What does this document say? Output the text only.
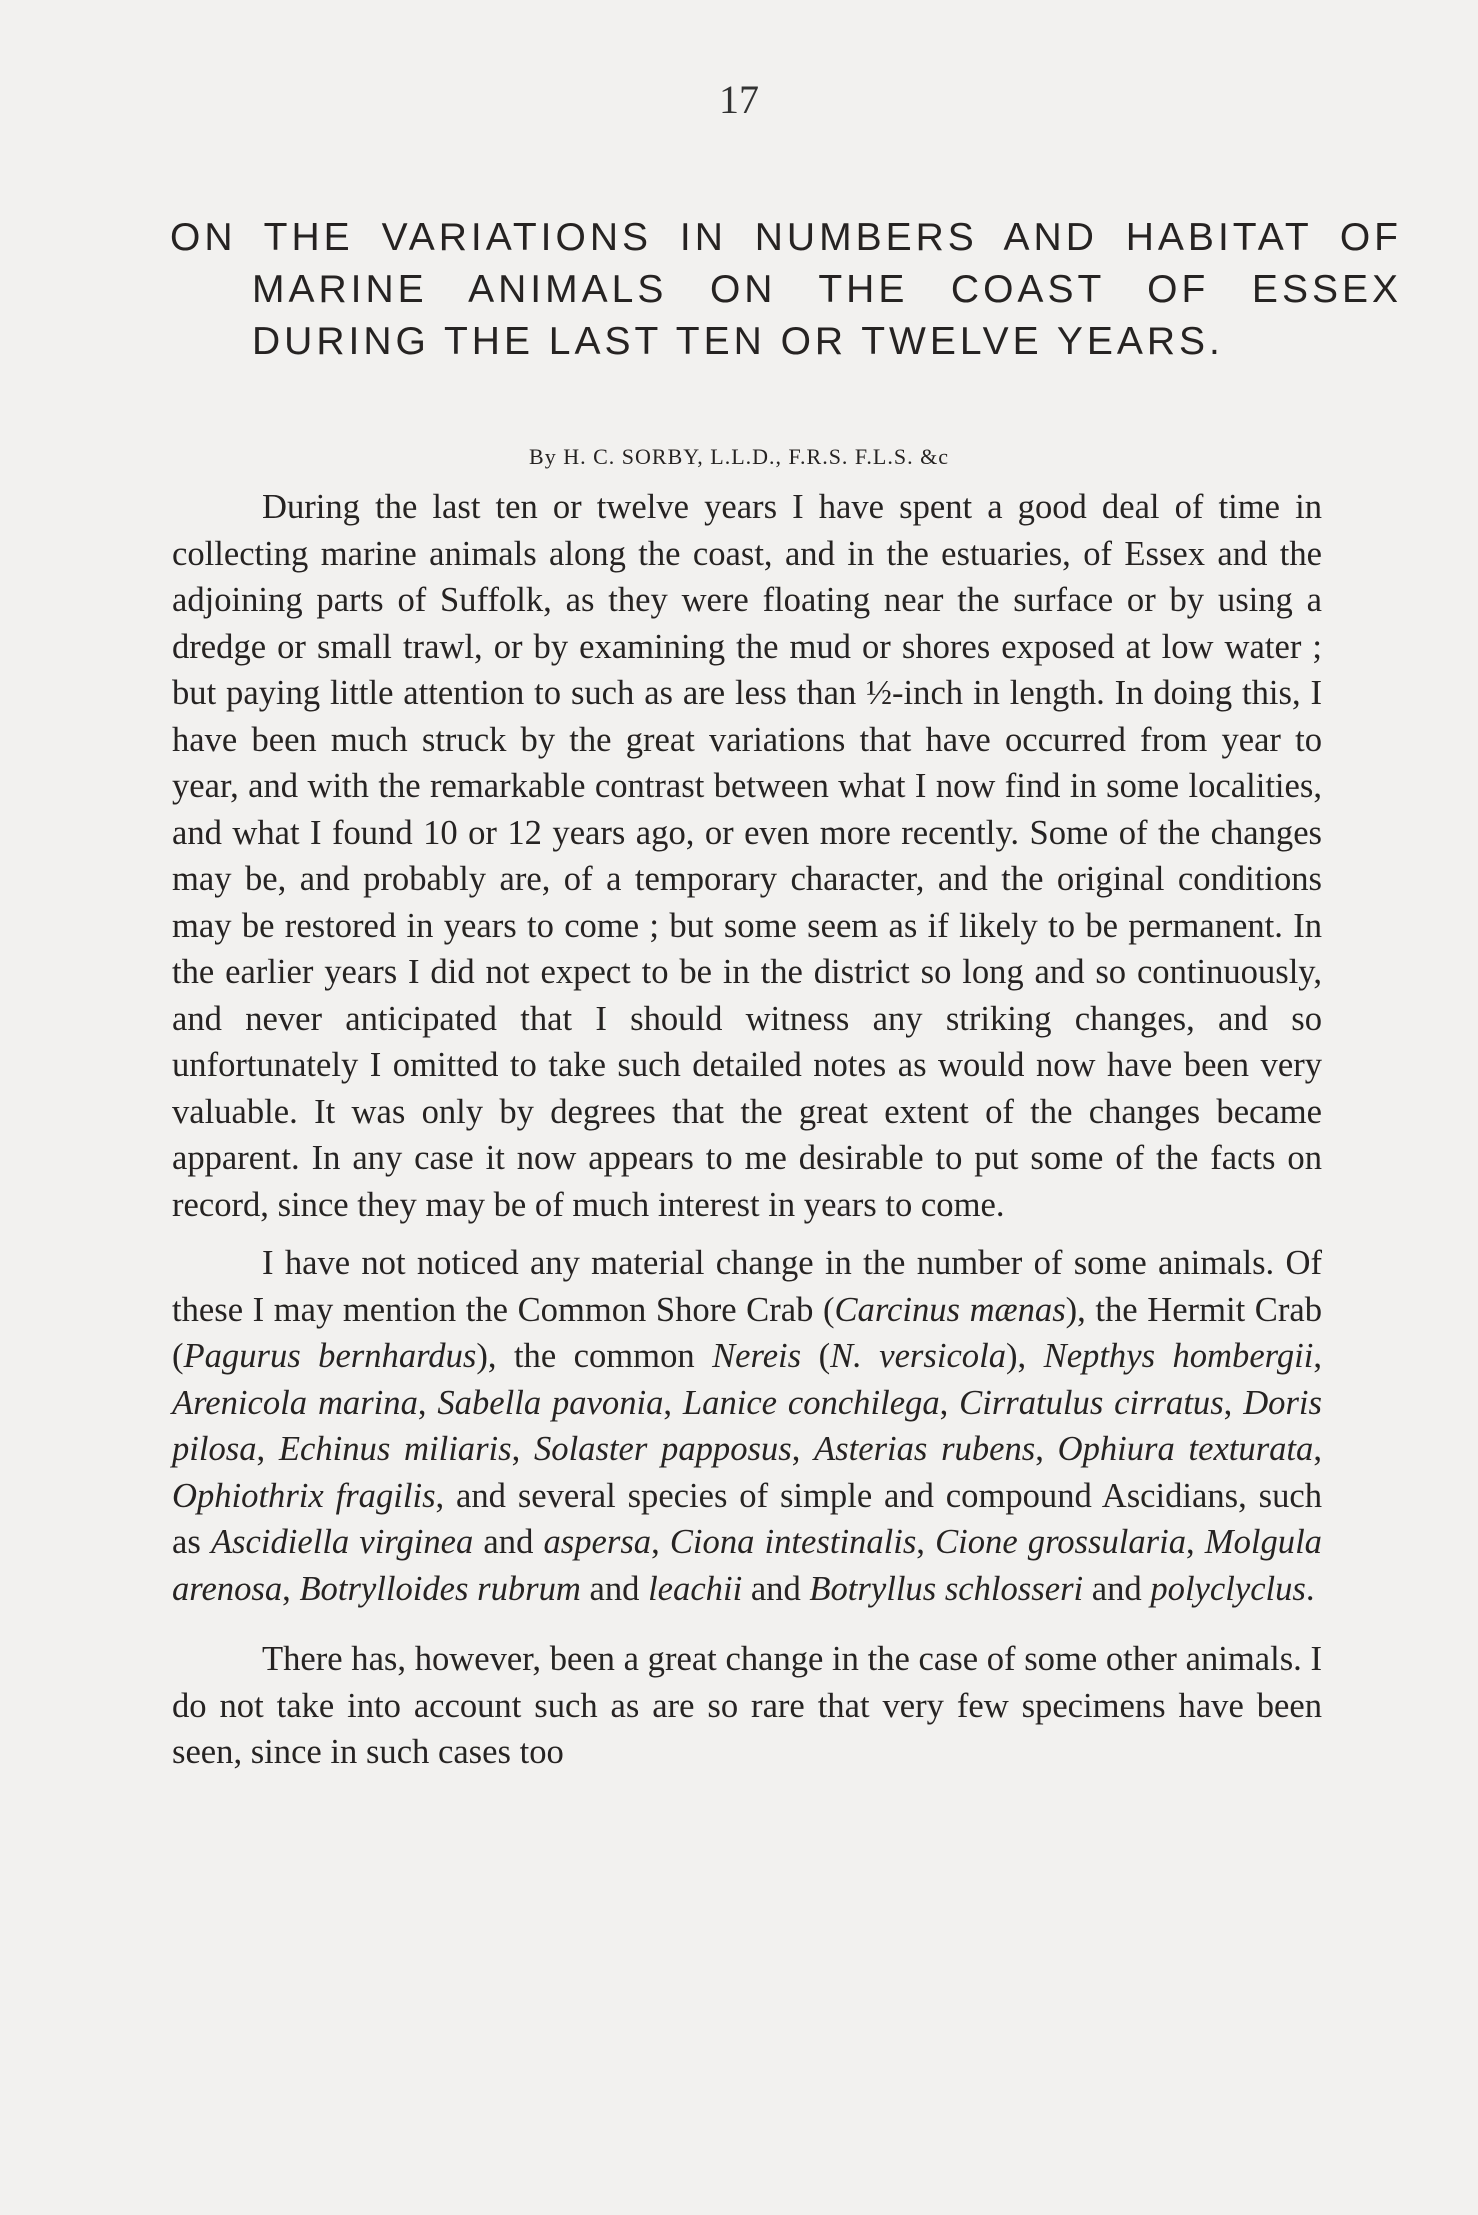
17
ON THE VARIATIONS IN NUMBERS AND HABITAT OF MARINE ANIMALS ON THE COAST OF ESSEX DURING THE LAST TEN OR TWELVE YEARS.

By H. C. SORBY, L.L.D., F.R.S. F.L.S. &c

During the last ten or twelve years I have spent a good deal of time in collecting marine animals along the coast, and in the estuaries, of Essex and the adjoining parts of Suffolk, as they were floating near the surface or by using a dredge or small trawl, or by examining the mud or shores exposed at low water ; but paying little attention to such as are less than ½-inch in length. In doing this, I have been much struck by the great variations that have occurred from year to year, and with the remarkable contrast between what I now find in some localities, and what I found 10 or 12 years ago, or even more recently. Some of the changes may be, and probably are, of a temporary character, and the original conditions may be restored in years to come ; but some seem as if likely to be permanent. In the earlier years I did not expect to be in the district so long and so continuously, and never anticipated that I should witness any striking changes, and so unfortunately I omitted to take such detailed notes as would now have been very valuable. It was only by degrees that the great extent of the changes became apparent. In any case it now appears to me desirable to put some of the facts on record, since they may be of much interest in years to come.

I have not noticed any material change in the number of some animals. Of these I may mention the Common Shore Crab (Carcinus mænas), the Hermit Crab (Pagurus bernhardus), the common Nereis (N. versicola), Nepthys hombergii, Arenicola marina, Sabella pavonia, Lanice conchilega, Cirratulus cirratus, Doris pilosa, Echinus miliaris, Solaster papposus, Asterias rubens, Ophiura texturata, Ophiothrix fragilis, and several species of simple and compound Ascidians, such as Ascidiella virginea and aspersa, Ciona intestinalis, Cione grossularia, Molgula arenosa, Botrylloides rubrum and leachii and Botryllus schlosseri and polyclyclus.

There has, however, been a great change in the case of some other animals. I do not take into account such as are so rare that very few specimens have been seen, since in such cases too
